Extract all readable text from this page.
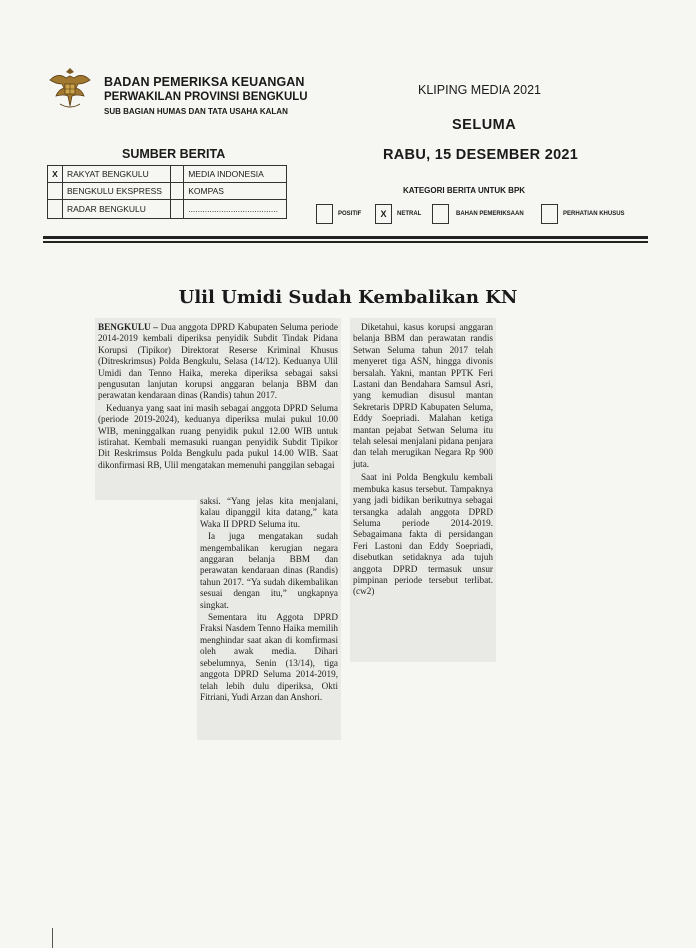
BADAN PEMERIKSA KEUANGAN
PERWAKILAN PROVINSI BENGKULU
SUB BAGIAN HUMAS DAN TATA USAHA KALAN
KLIPING MEDIA 2021
SELUMA
SUMBER BERITA	RABU, 15 DESEMBER 2021
X	RAKYAT BENGKULU		MEDIA INDONESIA
	BENGKULU EKSPRESS		KOMPAS
	RADAR BENGKULU		......................................
KATEGORI BERITA UNTUK BPK
POSITIF	X	NETRAL	BAHAN PEMERIKSAAN	PERHATIAN KHUSUS
Ulil Umidi Sudah Kembalikan KN

BENGKULU – Dua anggota DPRD Kabupaten Seluma periode 2014-2019 kembali diperiksa penyidik Subdit Tindak Pidana Korupsi (Tipikor) Direktorat Reserse Kriminal Khusus (Ditreskrimsus) Polda Bengkulu, Selasa (14/12). Keduanya Ulil Umidi dan Tenno Haika, mereka diperiksa sebagai saksi pengusutan lanjutan korupsi anggaran belanja BBM dan perawatan kendaraan dinas (Randis) tahun 2017.

Keduanya yang saat ini masih sebagai anggota DPRD Seluma (periode 2019-2024), keduanya diperiksa mulai pukul 10.00 WIB, meninggalkan ruang penyidik pukul 12.00 WIB untuk istirahat. Kembali memasuki ruangan penyidik Subdit Tipikor Dit Reskrimsus Polda Bengkulu pada pukul 14.00 WIB. Saat dikonfirmasi RB, Ulil mengatakan memenuhi panggilan sebagai

saksi. “Yang jelas kita menjalani, kalau dipanggil kita datang,” kata Waka II DPRD Seluma itu.

Ia juga mengatakan sudah mengembalikan kerugian negara anggaran belanja BBM dan perawatan kendaraan dinas (Randis) tahun 2017. “Ya sudah dikembalikan sesuai dengan itu,” ungkapnya singkat.

Sementara itu Aggota DPRD Fraksi Nasdem Tenno Haika memilih menghindar saat akan di komfirmasi oleh awak media. Dihari sebelumnya, Senin (13/14), tiga anggota DPRD Seluma 2014-2019, telah lebih dulu diperiksa, Okti Fitriani, Yudi Arzan dan Anshori.

Diketahui, kasus korupsi anggaran belanja BBM dan perawatan randis Setwan Seluma tahun 2017 telah menyeret tiga ASN, hingga divonis bersalah. Yakni, mantan PPTK Feri Lastani dan Bendahara Samsul Asri, yang kemudian disusul mantan Sekretaris DPRD Kabupaten Seluma, Eddy Soepriadi. Malahan ketiga mantan pejabat Setwan Seluma itu telah selesai menjalani pidana penjara dan telah merugikan Negara Rp 900 juta.

Saat ini Polda Bengkulu kembali membuka kasus tersebut. Tampaknya yang jadi bidikan berikutnya sebagai tersangka adalah anggota DPRD Seluma periode 2014-2019. Sebagaimana fakta di persidangan Feri Lastoni dan Eddy Soepriadi, disebutkan setidaknya ada tujuh anggota DPRD termasuk unsur pimpinan periode tersebut terlibat. (cw2)
